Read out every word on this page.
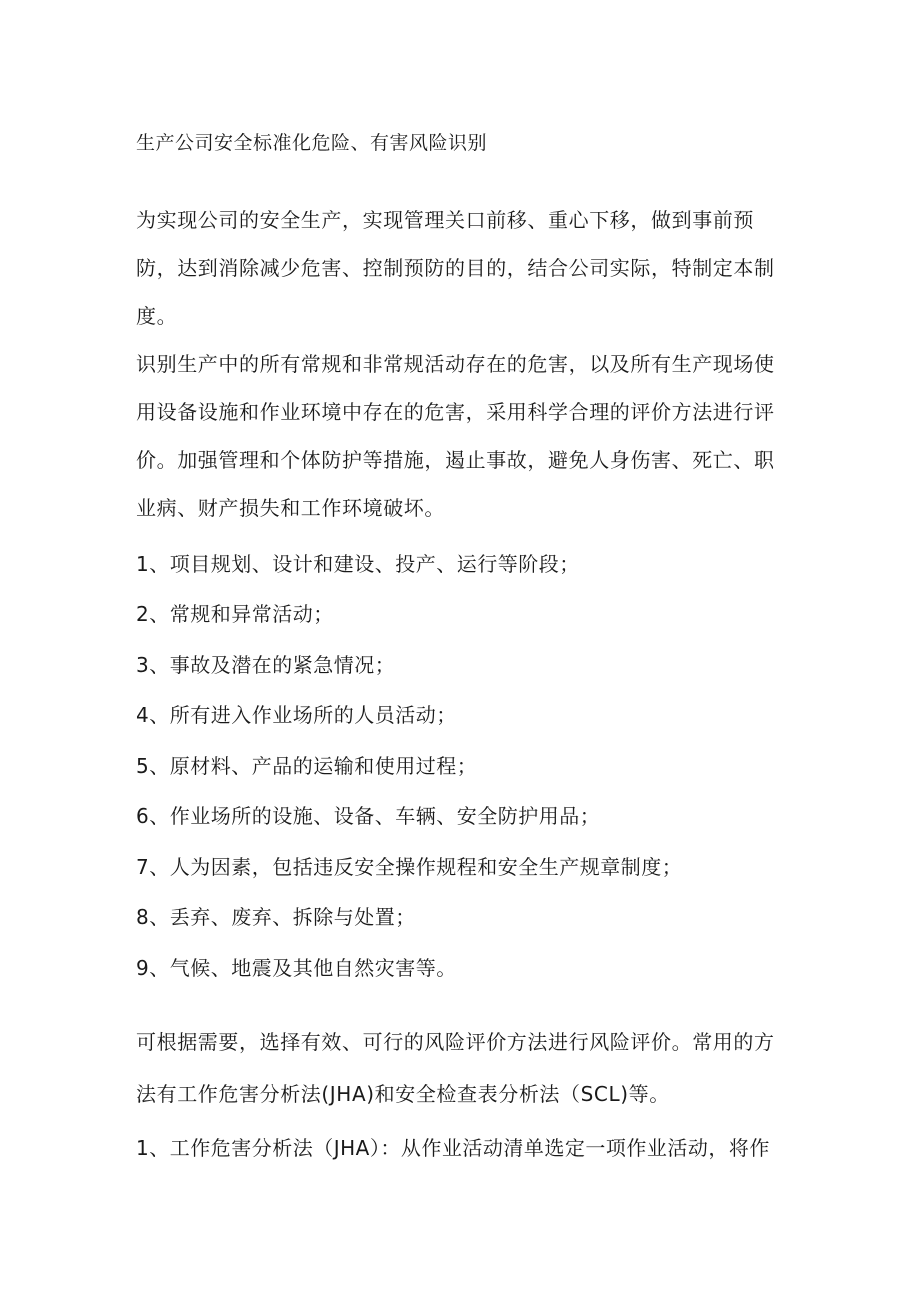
生产公司安全标准化危险、有害风险识别
为实现公司的安全生产，实现管理关口前移、重心下移，做到事前预
防，达到消除减少危害、控制预防的目的，结合公司实际，特制定本制
度。
识别生产中的所有常规和非常规活动存在的危害，以及所有生产现场使
用设备设施和作业环境中存在的危害，采用科学合理的评价方法进行评
价。加强管理和个体防护等措施，遏止事故，避免人身伤害、死亡、职
业病、财产损失和工作环境破坏。
1、项目规划、设计和建设、投产、运行等阶段；
2、常规和异常活动；
3、事故及潜在的紧急情况；
4、所有进入作业场所的人员活动；
5、原材料、产品的运输和使用过程；
6、作业场所的设施、设备、车辆、安全防护用品；
7、人为因素，包括违反安全操作规程和安全生产规章制度；
8、丢弃、废弃、拆除与处置；
9、气候、地震及其他自然灾害等。
可根据需要，选择有效、可行的风险评价方法进行风险评价。常用的方
法有工作危害分析法(JHA)和安全检查表分析法（SCL)等。
1、工作危害分析法（JHA）：从作业活动清单选定一项作业活动，将作
